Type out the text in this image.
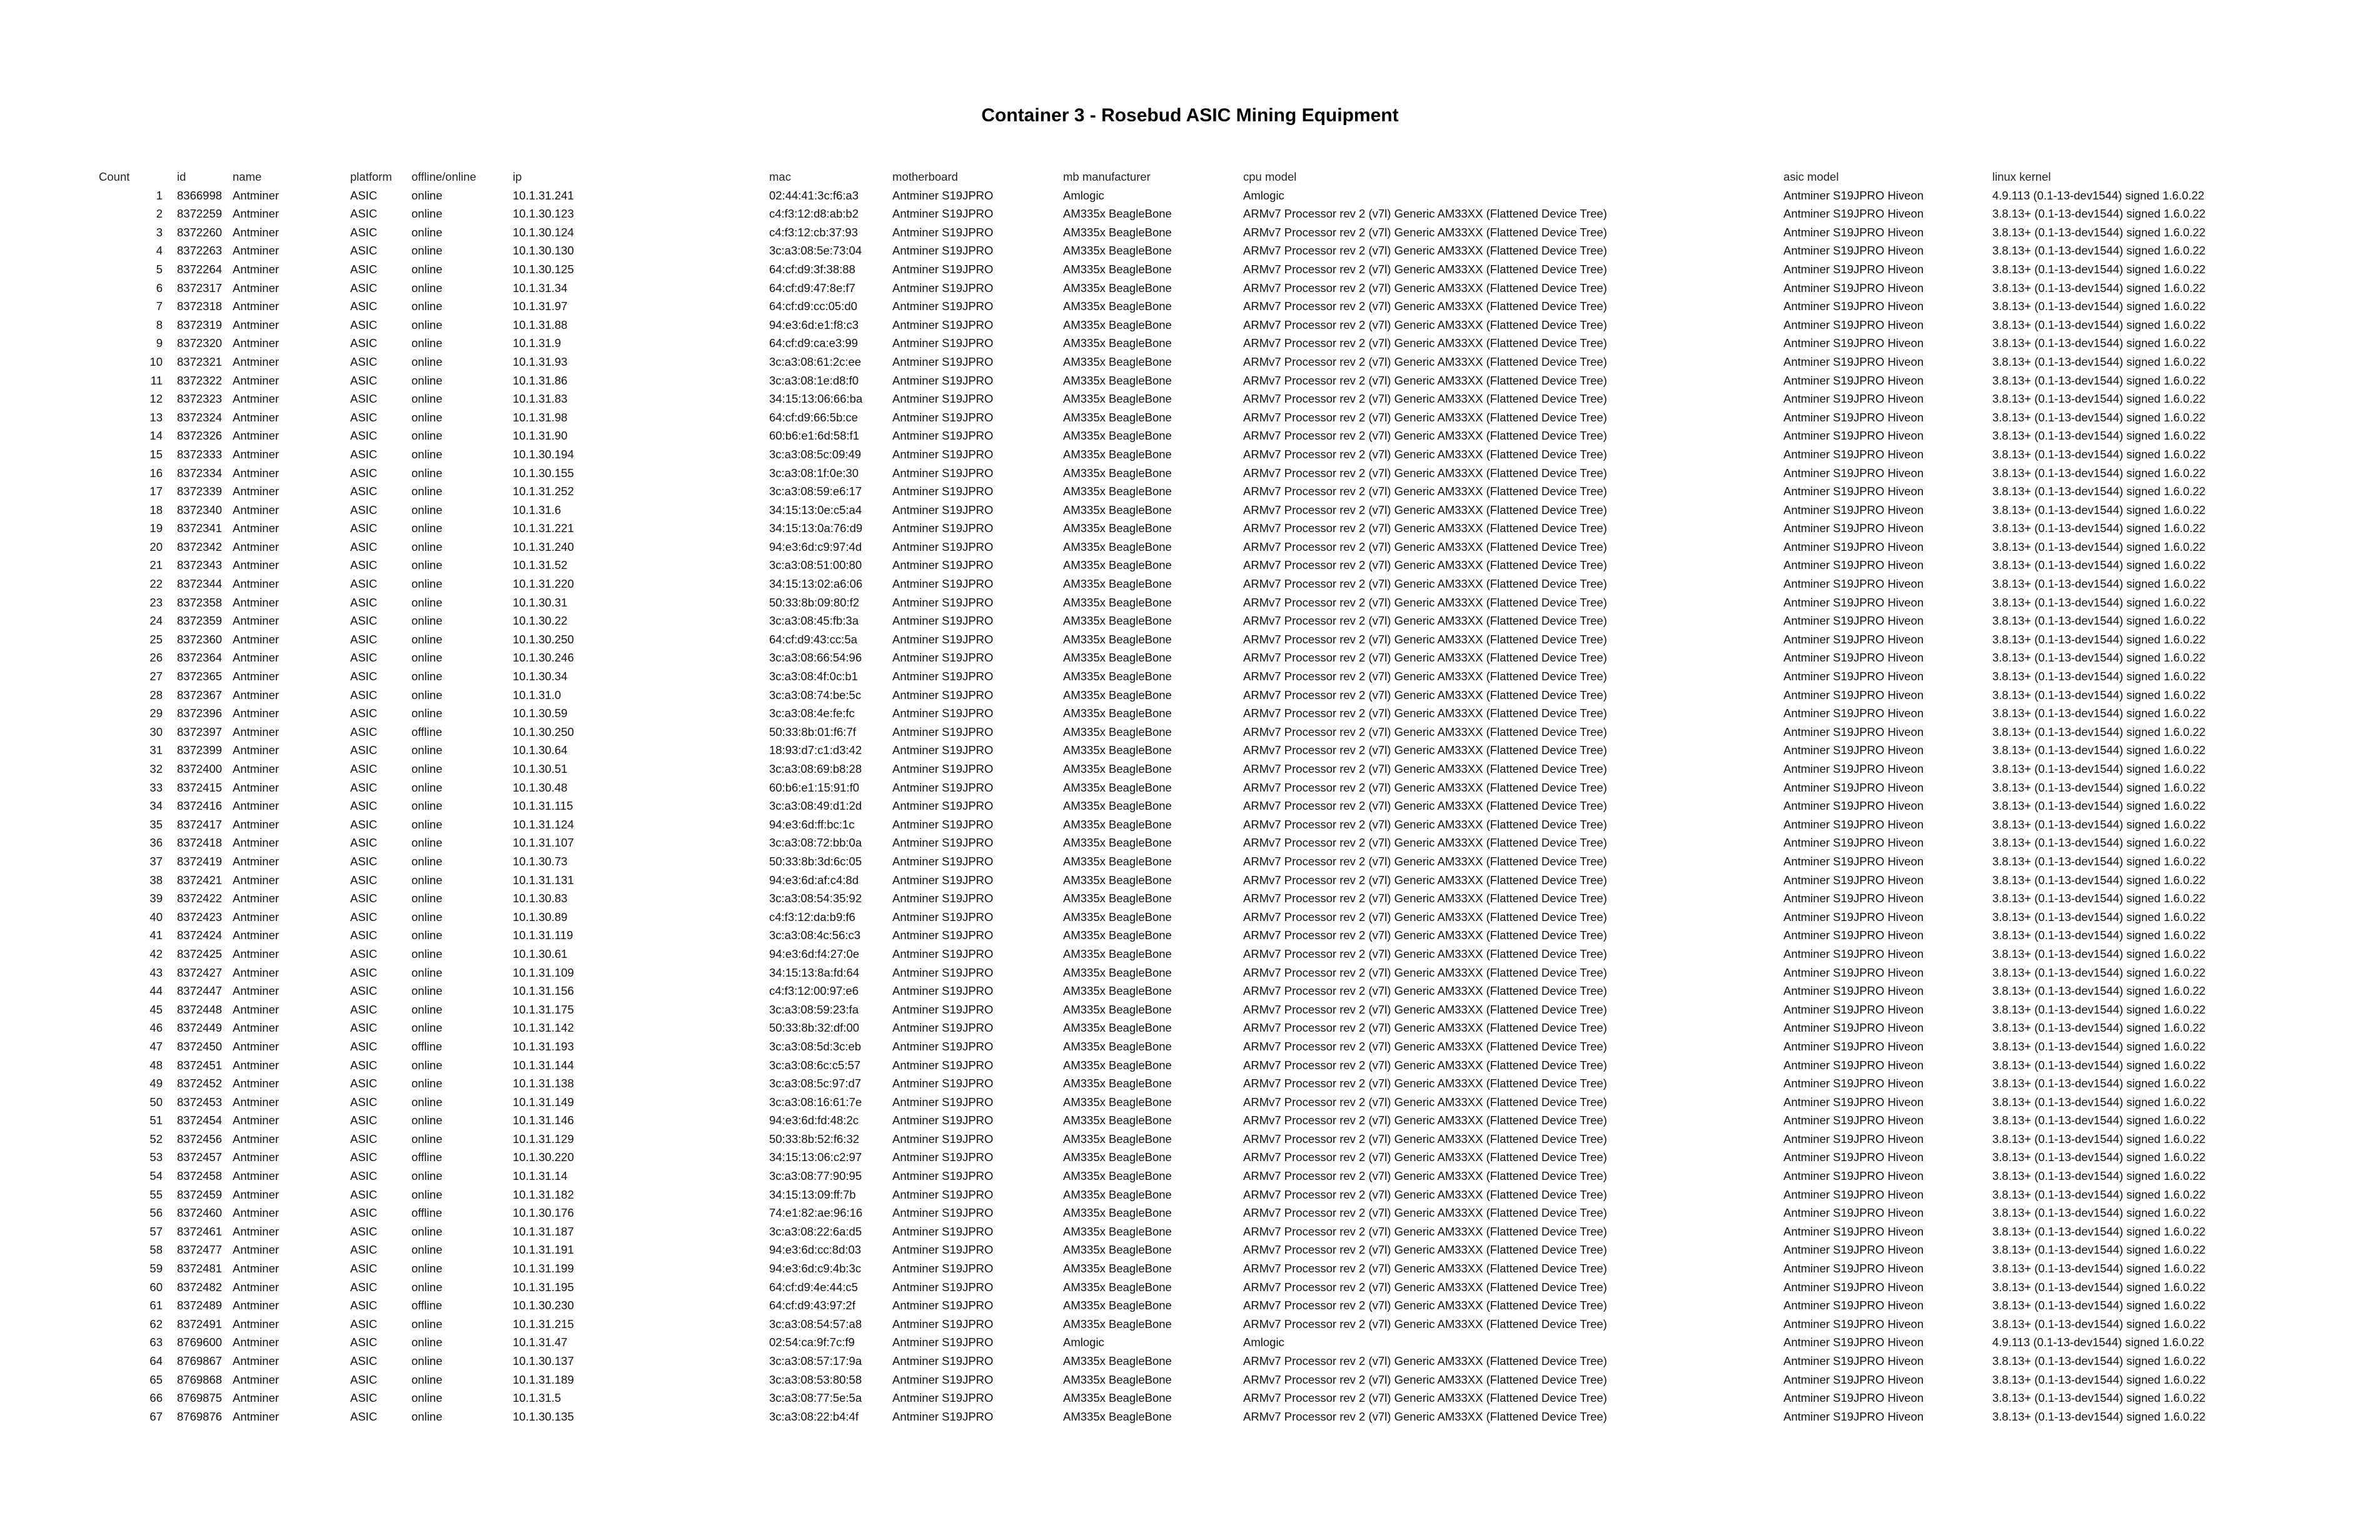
Container 3 - Rosebud ASIC Mining Equipment
Count	id	name	platform offline/online	ip	mac	motherboard	mb manufacturer	cpu model	asic model	linux kernel
1 8366998 Antminer	ASIC	online	10.1.31.241	02:44:41:3c:f6:a3	Antminer S19JPRO	Amlogic	Amlogic	Antminer S19JPRO Hiveon	4.9.113 (0.1-13-dev1544) signed 1.6.0.22
2 8372259 Antminer	ASIC	online	10.1.30.123	c4:f3:12:d8:ab:b2	Antminer S19JPRO	AM335x BeagleBone	ARMv7 Processor rev 2 (v7l) Generic AM33XX (Flattened Device Tree)	Antminer S19JPRO Hiveon	3.8.13+ (0.1-13-dev1544) signed 1.6.0.22
3 8372260 Antminer	ASIC	online	10.1.30.124	c4:f3:12:cb:37:93	Antminer S19JPRO	AM335x BeagleBone	ARMv7 Processor rev 2 (v7l) Generic AM33XX (Flattened Device Tree)	Antminer S19JPRO Hiveon	3.8.13+ (0.1-13-dev1544) signed 1.6.0.22
4 8372263 Antminer	ASIC	online	10.1.30.130	3c:a3:08:5e:73:04	Antminer S19JPRO	AM335x BeagleBone	ARMv7 Processor rev 2 (v7l) Generic AM33XX (Flattened Device Tree)	Antminer S19JPRO Hiveon	3.8.13+ (0.1-13-dev1544) signed 1.6.0.22
5 8372264 Antminer	ASIC	online	10.1.30.125	64:cf:d9:3f:38:88	Antminer S19JPRO	AM335x BeagleBone	ARMv7 Processor rev 2 (v7l) Generic AM33XX (Flattened Device Tree)	Antminer S19JPRO Hiveon	3.8.13+ (0.1-13-dev1544) signed 1.6.0.22
6 8372317 Antminer	ASIC	online	10.1.31.34	64:cf:d9:47:8e:f7	Antminer S19JPRO	AM335x BeagleBone	ARMv7 Processor rev 2 (v7l) Generic AM33XX (Flattened Device Tree)	Antminer S19JPRO Hiveon	3.8.13+ (0.1-13-dev1544) signed 1.6.0.22
7 8372318 Antminer	ASIC	online	10.1.31.97	64:cf:d9:cc:05:d0	Antminer S19JPRO	AM335x BeagleBone	ARMv7 Processor rev 2 (v7l) Generic AM33XX (Flattened Device Tree)	Antminer S19JPRO Hiveon	3.8.13+ (0.1-13-dev1544) signed 1.6.0.22
8 8372319 Antminer	ASIC	online	10.1.31.88	94:e3:6d:e1:f8:c3	Antminer S19JPRO	AM335x BeagleBone	ARMv7 Processor rev 2 (v7l) Generic AM33XX (Flattened Device Tree)	Antminer S19JPRO Hiveon	3.8.13+ (0.1-13-dev1544) signed 1.6.0.22
9 8372320 Antminer	ASIC	online	10.1.31.9	64:cf:d9:ca:e3:99	Antminer S19JPRO	AM335x BeagleBone	ARMv7 Processor rev 2 (v7l) Generic AM33XX (Flattened Device Tree)	Antminer S19JPRO Hiveon	3.8.13+ (0.1-13-dev1544) signed 1.6.0.22
10 8372321 Antminer	ASIC	online	10.1.31.93	3c:a3:08:61:2c:ee	Antminer S19JPRO	AM335x BeagleBone	ARMv7 Processor rev 2 (v7l) Generic AM33XX (Flattened Device Tree)	Antminer S19JPRO Hiveon	3.8.13+ (0.1-13-dev1544) signed 1.6.0.22
11 8372322 Antminer	ASIC	online	10.1.31.86	3c:a3:08:1e:d8:f0	Antminer S19JPRO	AM335x BeagleBone	ARMv7 Processor rev 2 (v7l) Generic AM33XX (Flattened Device Tree)	Antminer S19JPRO Hiveon	3.8.13+ (0.1-13-dev1544) signed 1.6.0.22
12 8372323 Antminer	ASIC	online	10.1.31.83	34:15:13:06:66:ba	Antminer S19JPRO	AM335x BeagleBone	ARMv7 Processor rev 2 (v7l) Generic AM33XX (Flattened Device Tree)	Antminer S19JPRO Hiveon	3.8.13+ (0.1-13-dev1544) signed 1.6.0.22
13 8372324 Antminer	ASIC	online	10.1.31.98	64:cf:d9:66:5b:ce	Antminer S19JPRO	AM335x BeagleBone	ARMv7 Processor rev 2 (v7l) Generic AM33XX (Flattened Device Tree)	Antminer S19JPRO Hiveon	3.8.13+ (0.1-13-dev1544) signed 1.6.0.22
14 8372326 Antminer	ASIC	online	10.1.31.90	60:b6:e1:6d:58:f1	Antminer S19JPRO	AM335x BeagleBone	ARMv7 Processor rev 2 (v7l) Generic AM33XX (Flattened Device Tree)	Antminer S19JPRO Hiveon	3.8.13+ (0.1-13-dev1544) signed 1.6.0.22
15 8372333 Antminer	ASIC	online	10.1.30.194	3c:a3:08:5c:09:49	Antminer S19JPRO	AM335x BeagleBone	ARMv7 Processor rev 2 (v7l) Generic AM33XX (Flattened Device Tree)	Antminer S19JPRO Hiveon	3.8.13+ (0.1-13-dev1544) signed 1.6.0.22
16 8372334 Antminer	ASIC	online	10.1.30.155	3c:a3:08:1f:0e:30	Antminer S19JPRO	AM335x BeagleBone	ARMv7 Processor rev 2 (v7l) Generic AM33XX (Flattened Device Tree)	Antminer S19JPRO Hiveon	3.8.13+ (0.1-13-dev1544) signed 1.6.0.22
17 8372339 Antminer	ASIC	online	10.1.31.252	3c:a3:08:59:e6:17	Antminer S19JPRO	AM335x BeagleBone	ARMv7 Processor rev 2 (v7l) Generic AM33XX (Flattened Device Tree)	Antminer S19JPRO Hiveon	3.8.13+ (0.1-13-dev1544) signed 1.6.0.22
18 8372340 Antminer	ASIC	online	10.1.31.6	34:15:13:0e:c5:a4	Antminer S19JPRO	AM335x BeagleBone	ARMv7 Processor rev 2 (v7l) Generic AM33XX (Flattened Device Tree)	Antminer S19JPRO Hiveon	3.8.13+ (0.1-13-dev1544) signed 1.6.0.22
19 8372341 Antminer	ASIC	online	10.1.31.221	34:15:13:0a:76:d9	Antminer S19JPRO	AM335x BeagleBone	ARMv7 Processor rev 2 (v7l) Generic AM33XX (Flattened Device Tree)	Antminer S19JPRO Hiveon	3.8.13+ (0.1-13-dev1544) signed 1.6.0.22
20 8372342 Antminer	ASIC	online	10.1.31.240	94:e3:6d:c9:97:4d	Antminer S19JPRO	AM335x BeagleBone	ARMv7 Processor rev 2 (v7l) Generic AM33XX (Flattened Device Tree)	Antminer S19JPRO Hiveon	3.8.13+ (0.1-13-dev1544) signed 1.6.0.22
21 8372343 Antminer	ASIC	online	10.1.31.52	3c:a3:08:51:00:80	Antminer S19JPRO	AM335x BeagleBone	ARMv7 Processor rev 2 (v7l) Generic AM33XX (Flattened Device Tree)	Antminer S19JPRO Hiveon	3.8.13+ (0.1-13-dev1544) signed 1.6.0.22
22 8372344 Antminer	ASIC	online	10.1.31.220	34:15:13:02:a6:06	Antminer S19JPRO	AM335x BeagleBone	ARMv7 Processor rev 2 (v7l) Generic AM33XX (Flattened Device Tree)	Antminer S19JPRO Hiveon	3.8.13+ (0.1-13-dev1544) signed 1.6.0.22
23 8372358 Antminer	ASIC	online	10.1.30.31	50:33:8b:09:80:f2	Antminer S19JPRO	AM335x BeagleBone	ARMv7 Processor rev 2 (v7l) Generic AM33XX (Flattened Device Tree)	Antminer S19JPRO Hiveon	3.8.13+ (0.1-13-dev1544) signed 1.6.0.22
24 8372359 Antminer	ASIC	online	10.1.30.22	3c:a3:08:45:fb:3a	Antminer S19JPRO	AM335x BeagleBone	ARMv7 Processor rev 2 (v7l) Generic AM33XX (Flattened Device Tree)	Antminer S19JPRO Hiveon	3.8.13+ (0.1-13-dev1544) signed 1.6.0.22
25 8372360 Antminer	ASIC	online	10.1.30.250	64:cf:d9:43:cc:5a	Antminer S19JPRO	AM335x BeagleBone	ARMv7 Processor rev 2 (v7l) Generic AM33XX (Flattened Device Tree)	Antminer S19JPRO Hiveon	3.8.13+ (0.1-13-dev1544) signed 1.6.0.22
26 8372364 Antminer	ASIC	online	10.1.30.246	3c:a3:08:66:54:96	Antminer S19JPRO	AM335x BeagleBone	ARMv7 Processor rev 2 (v7l) Generic AM33XX (Flattened Device Tree)	Antminer S19JPRO Hiveon	3.8.13+ (0.1-13-dev1544) signed 1.6.0.22
27 8372365 Antminer	ASIC	online	10.1.30.34	3c:a3:08:4f:0c:b1	Antminer S19JPRO	AM335x BeagleBone	ARMv7 Processor rev 2 (v7l) Generic AM33XX (Flattened Device Tree)	Antminer S19JPRO Hiveon	3.8.13+ (0.1-13-dev1544) signed 1.6.0.22
28 8372367 Antminer	ASIC	online	10.1.31.0	3c:a3:08:74:be:5c	Antminer S19JPRO	AM335x BeagleBone	ARMv7 Processor rev 2 (v7l) Generic AM33XX (Flattened Device Tree)	Antminer S19JPRO Hiveon	3.8.13+ (0.1-13-dev1544) signed 1.6.0.22
29 8372396 Antminer	ASIC	online	10.1.30.59	3c:a3:08:4e:fe:fc	Antminer S19JPRO	AM335x BeagleBone	ARMv7 Processor rev 2 (v7l) Generic AM33XX (Flattened Device Tree)	Antminer S19JPRO Hiveon	3.8.13+ (0.1-13-dev1544) signed 1.6.0.22
30 8372397 Antminer	ASIC	offline	10.1.30.250	50:33:8b:01:f6:7f	Antminer S19JPRO	AM335x BeagleBone	ARMv7 Processor rev 2 (v7l) Generic AM33XX (Flattened Device Tree)	Antminer S19JPRO Hiveon	3.8.13+ (0.1-13-dev1544) signed 1.6.0.22
31 8372399 Antminer	ASIC	online	10.1.30.64	18:93:d7:c1:d3:42	Antminer S19JPRO	AM335x BeagleBone	ARMv7 Processor rev 2 (v7l) Generic AM33XX (Flattened Device Tree)	Antminer S19JPRO Hiveon	3.8.13+ (0.1-13-dev1544) signed 1.6.0.22
32 8372400 Antminer	ASIC	online	10.1.30.51	3c:a3:08:69:b8:28	Antminer S19JPRO	AM335x BeagleBone	ARMv7 Processor rev 2 (v7l) Generic AM33XX (Flattened Device Tree)	Antminer S19JPRO Hiveon	3.8.13+ (0.1-13-dev1544) signed 1.6.0.22
33 8372415 Antminer	ASIC	online	10.1.30.48	60:b6:e1:15:91:f0	Antminer S19JPRO	AM335x BeagleBone	ARMv7 Processor rev 2 (v7l) Generic AM33XX (Flattened Device Tree)	Antminer S19JPRO Hiveon	3.8.13+ (0.1-13-dev1544) signed 1.6.0.22
34 8372416 Antminer	ASIC	online	10.1.31.115	3c:a3:08:49:d1:2d	Antminer S19JPRO	AM335x BeagleBone	ARMv7 Processor rev 2 (v7l) Generic AM33XX (Flattened Device Tree)	Antminer S19JPRO Hiveon	3.8.13+ (0.1-13-dev1544) signed 1.6.0.22
35 8372417 Antminer	ASIC	online	10.1.31.124	94:e3:6d:ff:bc:1c	Antminer S19JPRO	AM335x BeagleBone	ARMv7 Processor rev 2 (v7l) Generic AM33XX (Flattened Device Tree)	Antminer S19JPRO Hiveon	3.8.13+ (0.1-13-dev1544) signed 1.6.0.22
36 8372418 Antminer	ASIC	online	10.1.31.107	3c:a3:08:72:bb:0a	Antminer S19JPRO	AM335x BeagleBone	ARMv7 Processor rev 2 (v7l) Generic AM33XX (Flattened Device Tree)	Antminer S19JPRO Hiveon	3.8.13+ (0.1-13-dev1544) signed 1.6.0.22
37 8372419 Antminer	ASIC	online	10.1.30.73	50:33:8b:3d:6c:05	Antminer S19JPRO	AM335x BeagleBone	ARMv7 Processor rev 2 (v7l) Generic AM33XX (Flattened Device Tree)	Antminer S19JPRO Hiveon	3.8.13+ (0.1-13-dev1544) signed 1.6.0.22
38 8372421 Antminer	ASIC	online	10.1.31.131	94:e3:6d:af:c4:8d	Antminer S19JPRO	AM335x BeagleBone	ARMv7 Processor rev 2 (v7l) Generic AM33XX (Flattened Device Tree)	Antminer S19JPRO Hiveon	3.8.13+ (0.1-13-dev1544) signed 1.6.0.22
39 8372422 Antminer	ASIC	online	10.1.30.83	3c:a3:08:54:35:92	Antminer S19JPRO	AM335x BeagleBone	ARMv7 Processor rev 2 (v7l) Generic AM33XX (Flattened Device Tree)	Antminer S19JPRO Hiveon	3.8.13+ (0.1-13-dev1544) signed 1.6.0.22
40 8372423 Antminer	ASIC	online	10.1.30.89	c4:f3:12:da:b9:f6	Antminer S19JPRO	AM335x BeagleBone	ARMv7 Processor rev 2 (v7l) Generic AM33XX (Flattened Device Tree)	Antminer S19JPRO Hiveon	3.8.13+ (0.1-13-dev1544) signed 1.6.0.22
41 8372424 Antminer	ASIC	online	10.1.31.119	3c:a3:08:4c:56:c3	Antminer S19JPRO	AM335x BeagleBone	ARMv7 Processor rev 2 (v7l) Generic AM33XX (Flattened Device Tree)	Antminer S19JPRO Hiveon	3.8.13+ (0.1-13-dev1544) signed 1.6.0.22
42 8372425 Antminer	ASIC	online	10.1.30.61	94:e3:6d:f4:27:0e	Antminer S19JPRO	AM335x BeagleBone	ARMv7 Processor rev 2 (v7l) Generic AM33XX (Flattened Device Tree)	Antminer S19JPRO Hiveon	3.8.13+ (0.1-13-dev1544) signed 1.6.0.22
43 8372427 Antminer	ASIC	online	10.1.31.109	34:15:13:8a:fd:64	Antminer S19JPRO	AM335x BeagleBone	ARMv7 Processor rev 2 (v7l) Generic AM33XX (Flattened Device Tree)	Antminer S19JPRO Hiveon	3.8.13+ (0.1-13-dev1544) signed 1.6.0.22
44 8372447 Antminer	ASIC	online	10.1.31.156	c4:f3:12:00:97:e6	Antminer S19JPRO	AM335x BeagleBone	ARMv7 Processor rev 2 (v7l) Generic AM33XX (Flattened Device Tree)	Antminer S19JPRO Hiveon	3.8.13+ (0.1-13-dev1544) signed 1.6.0.22
45 8372448 Antminer	ASIC	online	10.1.31.175	3c:a3:08:59:23:fa	Antminer S19JPRO	AM335x BeagleBone	ARMv7 Processor rev 2 (v7l) Generic AM33XX (Flattened Device Tree)	Antminer S19JPRO Hiveon	3.8.13+ (0.1-13-dev1544) signed 1.6.0.22
46 8372449 Antminer	ASIC	online	10.1.31.142	50:33:8b:32:df:00	Antminer S19JPRO	AM335x BeagleBone	ARMv7 Processor rev 2 (v7l) Generic AM33XX (Flattened Device Tree)	Antminer S19JPRO Hiveon	3.8.13+ (0.1-13-dev1544) signed 1.6.0.22
47 8372450 Antminer	ASIC	offline	10.1.31.193	3c:a3:08:5d:3c:eb	Antminer S19JPRO	AM335x BeagleBone	ARMv7 Processor rev 2 (v7l) Generic AM33XX (Flattened Device Tree)	Antminer S19JPRO Hiveon	3.8.13+ (0.1-13-dev1544) signed 1.6.0.22
48 8372451 Antminer	ASIC	online	10.1.31.144	3c:a3:08:6c:c5:57	Antminer S19JPRO	AM335x BeagleBone	ARMv7 Processor rev 2 (v7l) Generic AM33XX (Flattened Device Tree)	Antminer S19JPRO Hiveon	3.8.13+ (0.1-13-dev1544) signed 1.6.0.22
49 8372452 Antminer	ASIC	online	10.1.31.138	3c:a3:08:5c:97:d7	Antminer S19JPRO	AM335x BeagleBone	ARMv7 Processor rev 2 (v7l) Generic AM33XX (Flattened Device Tree)	Antminer S19JPRO Hiveon	3.8.13+ (0.1-13-dev1544) signed 1.6.0.22
50 8372453 Antminer	ASIC	online	10.1.31.149	3c:a3:08:16:61:7e	Antminer S19JPRO	AM335x BeagleBone	ARMv7 Processor rev 2 (v7l) Generic AM33XX (Flattened Device Tree)	Antminer S19JPRO Hiveon	3.8.13+ (0.1-13-dev1544) signed 1.6.0.22
51 8372454 Antminer	ASIC	online	10.1.31.146	94:e3:6d:fd:48:2c	Antminer S19JPRO	AM335x BeagleBone	ARMv7 Processor rev 2 (v7l) Generic AM33XX (Flattened Device Tree)	Antminer S19JPRO Hiveon	3.8.13+ (0.1-13-dev1544) signed 1.6.0.22
52 8372456 Antminer	ASIC	online	10.1.31.129	50:33:8b:52:f6:32	Antminer S19JPRO	AM335x BeagleBone	ARMv7 Processor rev 2 (v7l) Generic AM33XX (Flattened Device Tree)	Antminer S19JPRO Hiveon	3.8.13+ (0.1-13-dev1544) signed 1.6.0.22
53 8372457 Antminer	ASIC	offline	10.1.30.220	34:15:13:06:c2:97	Antminer S19JPRO	AM335x BeagleBone	ARMv7 Processor rev 2 (v7l) Generic AM33XX (Flattened Device Tree)	Antminer S19JPRO Hiveon	3.8.13+ (0.1-13-dev1544) signed 1.6.0.22
54 8372458 Antminer	ASIC	online	10.1.31.14	3c:a3:08:77:90:95	Antminer S19JPRO	AM335x BeagleBone	ARMv7 Processor rev 2 (v7l) Generic AM33XX (Flattened Device Tree)	Antminer S19JPRO Hiveon	3.8.13+ (0.1-13-dev1544) signed 1.6.0.22
55 8372459 Antminer	ASIC	online	10.1.31.182	34:15:13:09:ff:7b	Antminer S19JPRO	AM335x BeagleBone	ARMv7 Processor rev 2 (v7l) Generic AM33XX (Flattened Device Tree)	Antminer S19JPRO Hiveon	3.8.13+ (0.1-13-dev1544) signed 1.6.0.22
56 8372460 Antminer	ASIC	offline	10.1.30.176	74:e1:82:ae:96:16	Antminer S19JPRO	AM335x BeagleBone	ARMv7 Processor rev 2 (v7l) Generic AM33XX (Flattened Device Tree)	Antminer S19JPRO Hiveon	3.8.13+ (0.1-13-dev1544) signed 1.6.0.22
57 8372461 Antminer	ASIC	online	10.1.31.187	3c:a3:08:22:6a:d5	Antminer S19JPRO	AM335x BeagleBone	ARMv7 Processor rev 2 (v7l) Generic AM33XX (Flattened Device Tree)	Antminer S19JPRO Hiveon	3.8.13+ (0.1-13-dev1544) signed 1.6.0.22
58 8372477 Antminer	ASIC	online	10.1.31.191	94:e3:6d:cc:8d:03	Antminer S19JPRO	AM335x BeagleBone	ARMv7 Processor rev 2 (v7l) Generic AM33XX (Flattened Device Tree)	Antminer S19JPRO Hiveon	3.8.13+ (0.1-13-dev1544) signed 1.6.0.22
59 8372481 Antminer	ASIC	online	10.1.31.199	94:e3:6d:c9:4b:3c	Antminer S19JPRO	AM335x BeagleBone	ARMv7 Processor rev 2 (v7l) Generic AM33XX (Flattened Device Tree)	Antminer S19JPRO Hiveon	3.8.13+ (0.1-13-dev1544) signed 1.6.0.22
60 8372482 Antminer	ASIC	online	10.1.31.195	64:cf:d9:4e:44:c5	Antminer S19JPRO	AM335x BeagleBone	ARMv7 Processor rev 2 (v7l) Generic AM33XX (Flattened Device Tree)	Antminer S19JPRO Hiveon	3.8.13+ (0.1-13-dev1544) signed 1.6.0.22
61 8372489 Antminer	ASIC	offline	10.1.30.230	64:cf:d9:43:97:2f	Antminer S19JPRO	AM335x BeagleBone	ARMv7 Processor rev 2 (v7l) Generic AM33XX (Flattened Device Tree)	Antminer S19JPRO Hiveon	3.8.13+ (0.1-13-dev1544) signed 1.6.0.22
62 8372491 Antminer	ASIC	online	10.1.31.215	3c:a3:08:54:57:a8	Antminer S19JPRO	AM335x BeagleBone	ARMv7 Processor rev 2 (v7l) Generic AM33XX (Flattened Device Tree)	Antminer S19JPRO Hiveon	3.8.13+ (0.1-13-dev1544) signed 1.6.0.22
63 8769600 Antminer	ASIC	online	10.1.31.47	02:54:ca:9f:7c:f9	Antminer S19JPRO	Amlogic	Amlogic	Antminer S19JPRO Hiveon	4.9.113 (0.1-13-dev1544) signed 1.6.0.22
64 8769867 Antminer	ASIC	online	10.1.30.137	3c:a3:08:57:17:9a	Antminer S19JPRO	AM335x BeagleBone	ARMv7 Processor rev 2 (v7l) Generic AM33XX (Flattened Device Tree)	Antminer S19JPRO Hiveon	3.8.13+ (0.1-13-dev1544) signed 1.6.0.22
65 8769868 Antminer	ASIC	online	10.1.31.189	3c:a3:08:53:80:58	Antminer S19JPRO	AM335x BeagleBone	ARMv7 Processor rev 2 (v7l) Generic AM33XX (Flattened Device Tree)	Antminer S19JPRO Hiveon	3.8.13+ (0.1-13-dev1544) signed 1.6.0.22
66 8769875 Antminer	ASIC	online	10.1.31.5	3c:a3:08:77:5e:5a	Antminer S19JPRO	AM335x BeagleBone	ARMv7 Processor rev 2 (v7l) Generic AM33XX (Flattened Device Tree)	Antminer S19JPRO Hiveon	3.8.13+ (0.1-13-dev1544) signed 1.6.0.22
67 8769876 Antminer	ASIC	online	10.1.30.135	3c:a3:08:22:b4:4f	Antminer S19JPRO	AM335x BeagleBone	ARMv7 Processor rev 2 (v7l) Generic AM33XX (Flattened Device Tree)	Antminer S19JPRO Hiveon	3.8.13+ (0.1-13-dev1544) signed 1.6.0.22
